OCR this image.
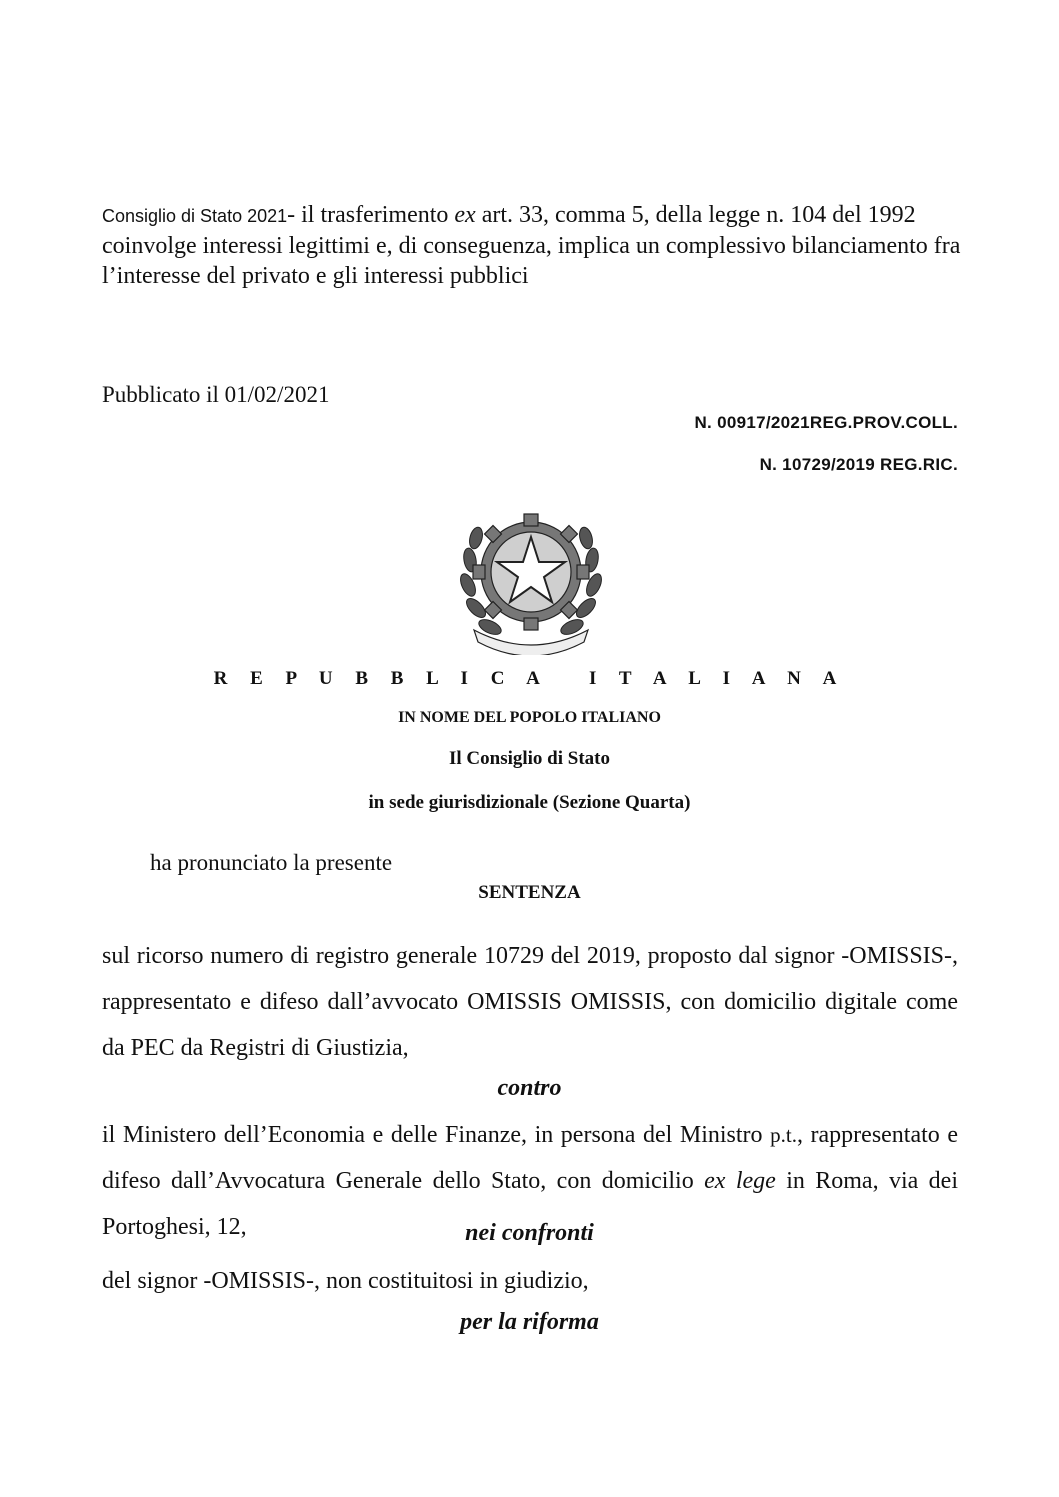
Consiglio di Stato 2021- il trasferimento ex art. 33, comma 5, della legge n. 104 del 1992 coinvolge interessi legittimi e, di conseguenza, implica un complessivo bilanciamento fra l’interesse del privato e gli interessi pubblici

Pubblicato il 01/02/2021
N. 00917/2021REG.PROV.COLL.
N. 10729/2019 REG.RIC.
R E P U B B L I C A   I T A L I A N A
IN NOME DEL POPOLO ITALIANO
Il Consiglio di Stato
in sede giurisdizionale (Sezione Quarta)
ha pronunciato la presente
SENTENZA

sul ricorso numero di registro generale 10729 del 2019, proposto dal signor -OMISSIS-, rappresentato e difeso dall’avvocato OMISSIS OMISSIS, con domicilio digitale come da PEC da Registri di Giustizia,

contro

il Ministero dell’Economia e delle Finanze, in persona del Ministro p.t., rappresentato e difeso dall’Avvocatura Generale dello Stato, con domicilio ex lege in Roma, via dei Portoghesi, 12,	nei confronti

del signor -OMISSIS-, non costituitosi in giudizio,

per la riforma
